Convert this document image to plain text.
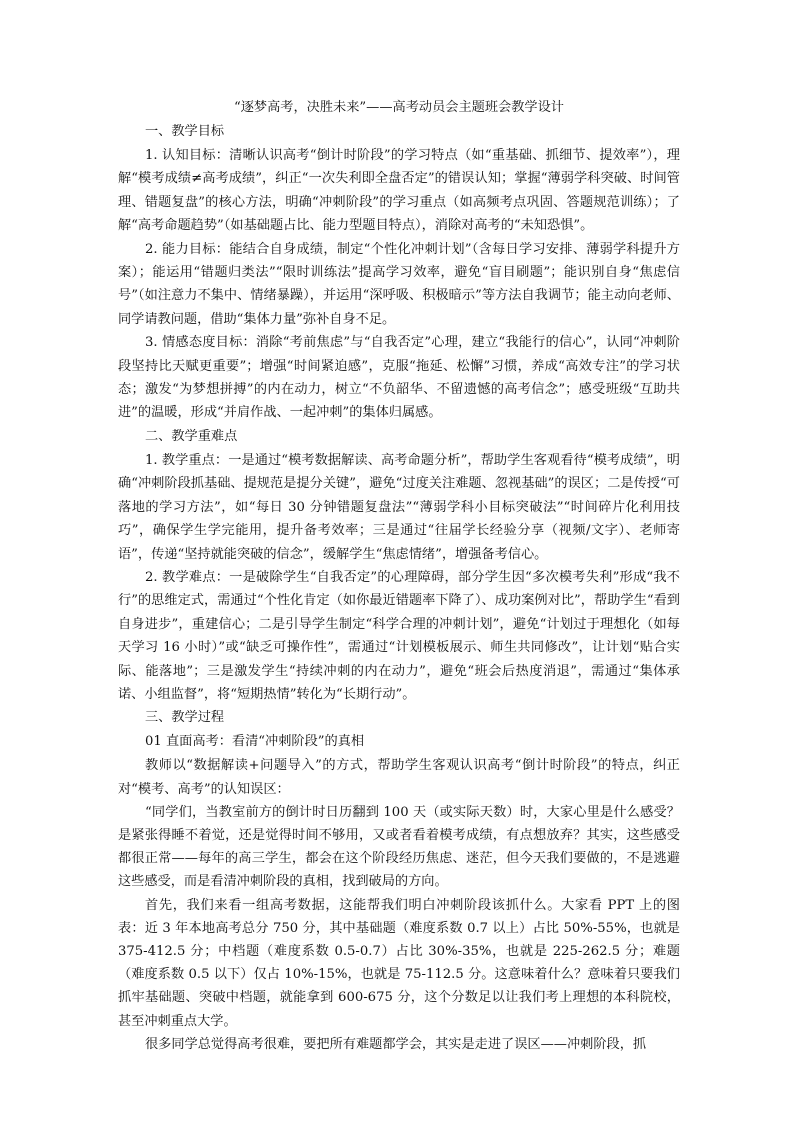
“逐梦高考，决胜未来”——高考动员会主题班会教学设计

一、教学目标

1. 认知目标：清晰认识高考“倒计时阶段”的学习特点（如“重基础、抓细节、提效率”），理解“模考成绩≠高考成绩”，纠正“一次失利即全盘否定”的错误认知；掌握“薄弱学科突破、时间管理、错题复盘”的核心方法，明确“冲刺阶段”的学习重点（如高频考点巩固、答题规范训练）；了解“高考命题趋势”（如基础题占比、能力型题目特点），消除对高考的“未知恐惧”。

2. 能力目标：能结合自身成绩，制定“个性化冲刺计划”（含每日学习安排、薄弱学科提升方案）；能运用“错题归类法”“限时训练法”提高学习效率，避免“盲目刷题”；能识别自身“焦虑信号”（如注意力不集中、情绪暴躁），并运用“深呼吸、积极暗示”等方法自我调节；能主动向老师、同学请教问题，借助“集体力量”弥补自身不足。

3. 情感态度目标：消除“考前焦虑”与“自我否定”心理，建立“我能行的信心”，认同“冲刺阶段坚持比天赋更重要”；增强“时间紧迫感”，克服“拖延、松懈”习惯，养成“高效专注”的学习状态；激发“为梦想拼搏”的内在动力，树立“不负韶华、不留遗憾的高考信念”；感受班级“互助共进”的温暖，形成“并肩作战、一起冲刺”的集体归属感。

二、教学重难点

1. 教学重点：一是通过“模考数据解读、高考命题分析”，帮助学生客观看待“模考成绩”，明确“冲刺阶段抓基础、提规范是提分关键”，避免“过度关注难题、忽视基础”的误区；二是传授“可落地的学习方法”，如“每日 30 分钟错题复盘法”“薄弱学科小目标突破法”“时间碎片化利用技巧”，确保学生学完能用，提升备考效率；三是通过“往届学长经验分享（视频/文字）、老师寄语”，传递“坚持就能突破的信念”，缓解学生“焦虑情绪”，增强备考信心。

2. 教学难点：一是破除学生“自我否定”的心理障碍，部分学生因“多次模考失利”形成“我不行”的思维定式，需通过“个性化肯定（如你最近错题率下降了）、成功案例对比”，帮助学生“看到自身进步”，重建信心；二是引导学生制定“科学合理的冲刺计划”，避免“计划过于理想化（如每天学习 16 小时）”或“缺乏可操作性”，需通过“计划模板展示、师生共同修改”，让计划“贴合实际、能落地”；三是激发学生“持续冲刺的内在动力”，避免“班会后热度消退”，需通过“集体承诺、小组监督”，将“短期热情”转化为“长期行动”。

三、教学过程

01 直面高考：看清“冲刺阶段”的真相

教师以“数据解读+问题导入”的方式，帮助学生客观认识高考“倒计时阶段”的特点，纠正对“模考、高考”的认知误区：

“同学们，当教室前方的倒计时日历翻到 100 天（或实际天数）时，大家心里是什么感受？是紧张得睡不着觉，还是觉得时间不够用，又或者看着模考成绩，有点想放弃？其实，这些感受都很正常——每年的高三学生，都会在这个阶段经历焦虑、迷茫，但今天我们要做的，不是逃避这些感受，而是看清冲刺阶段的真相，找到破局的方向。

首先，我们来看一组高考数据，这能帮我们明白冲刺阶段该抓什么。大家看 PPT 上的图表：近 3 年本地高考总分 750 分，其中基础题（难度系数 0.7 以上）占比 50%-55%，也就是 375-412.5 分；中档题（难度系数 0.5-0.7）占比 30%-35%，也就是 225-262.5 分；难题（难度系数 0.5 以下）仅占 10%-15%，也就是 75-112.5 分。这意味着什么？意味着只要我们抓牢基础题、突破中档题，就能拿到 600-675 分，这个分数足以让我们考上理想的本科院校，甚至冲刺重点大学。

很多同学总觉得高考很难，要把所有难题都学会，其实是走进了误区——冲刺阶段，抓
